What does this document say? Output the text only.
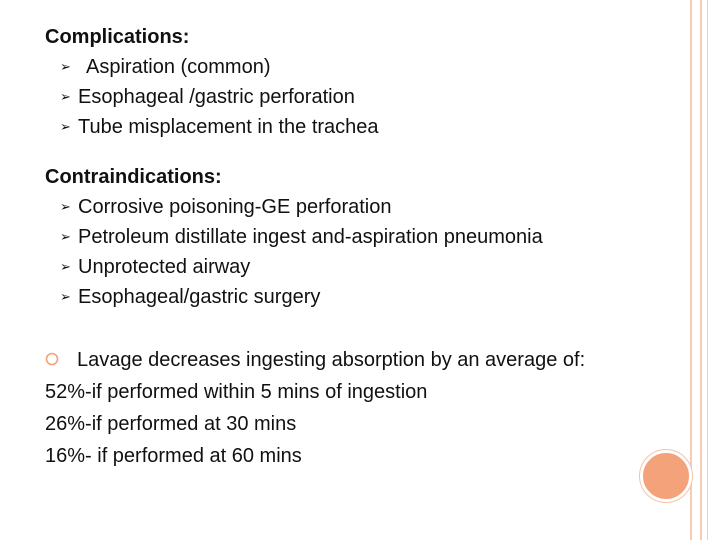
Complications:

➢ Aspiration (common)
➢ Esophageal /gastric perforation
➢ Tube misplacement in the trachea

Contraindications:

➢ Corrosive poisoning-GE perforation
➢ Petroleum distillate ingest and-aspiration pneumonia
➢ Unprotected airway
➢ Esophageal/gastric surgery
Lavage decreases ingesting absorption by an average of:
52%-if performed within 5 mins of ingestion
26%-if performed at 30 mins
16%- if performed at 60 mins
